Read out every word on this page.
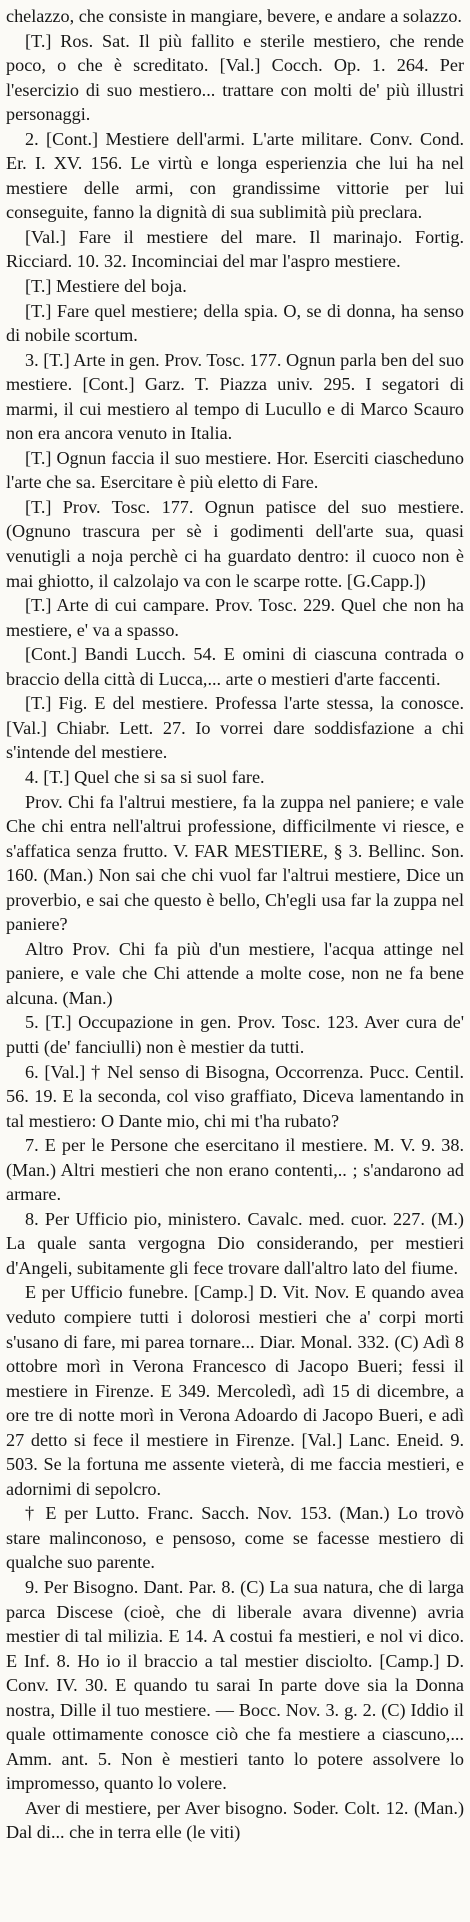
chelazzo, che consiste in mangiare, bevere, e andare a solazzo.

[T.] Ros. Sat. Il più fallito e sterile mestiero, che rende poco, o che è screditato. [Val.] Cocch. Op. 1. 264. Per l'esercizio di suo mestiero... trattare con molti de' più illustri personaggi.

2. [Cont.] Mestiere dell'armi. L'arte militare. Conv. Cond. Er. I. XV. 156. Le virtù e longa esperienzia che lui ha nel mestiere delle armi, con grandissime vittorie per lui conseguite, fanno la dignità di sua sublimità più preclara.

[Val.] Fare il mestiere del mare. Il marinajo. Fortig. Ricciard. 10. 32. Incominciai del mar l'aspro mestiere.

[T.] Mestiere del boja.

[T.] Fare quel mestiere; della spia. O, se di donna, ha senso di nobile scortum.

3. [T.] Arte in gen. Prov. Tosc. 177. Ognun parla ben del suo mestiere. [Cont.] Garz. T. Piazza univ. 295. I segatori di marmi, il cui mestiero al tempo di Lucullo e di Marco Scauro non era ancora venuto in Italia.

[T.] Ognun faccia il suo mestiere. Hor. Eserciti ciascheduno l'arte che sa. Esercitare è più eletto di Fare.

[T.] Prov. Tosc. 177. Ognun patisce del suo mestiere. (Ognuno trascura per sè i godimenti dell'arte sua, quasi venutigli a noja perchè ci ha guardato dentro: il cuoco non è mai ghiotto, il calzolajo va con le scarpe rotte. [G.Capp.])

[T.] Arte di cui campare. Prov. Tosc. 229. Quel che non ha mestiere, e' va a spasso.

[Cont.] Bandi Lucch. 54. E omini di ciascuna contrada o braccio della città di Lucca,... arte o mestieri d'arte faccenti.

[T.] Fig. E del mestiere. Professa l'arte stessa, la conosce. [Val.] Chiabr. Lett. 27. Io vorrei dare soddisfazione a chi s'intende del mestiere.

4. [T.] Quel che si sa si suol fare.

Prov. Chi fa l'altrui mestiere, fa la zuppa nel paniere; e vale Che chi entra nell'altrui professione, difficilmente vi riesce, e s'affatica senza frutto. V. FAR MESTIERE, § 3. Bellinc. Son. 160. (Man.) Non sai che chi vuol far l'altrui mestiere, Dice un proverbio, e sai che questo è bello, Ch'egli usa far la zuppa nel paniere?

Altro Prov. Chi fa più d'un mestiere, l'acqua attinge nel paniere, e vale che Chi attende a molte cose, non ne fa bene alcuna. (Man.)

5. [T.] Occupazione in gen. Prov. Tosc. 123. Aver cura de' putti (de' fanciulli) non è mestier da tutti.

6. [Val.] † Nel senso di Bisogna, Occorrenza. Pucc. Centil. 56. 19. E la seconda, col viso graffiato, Diceva lamentando in tal mestiero: O Dante mio, chi mi t'ha rubato?

7. E per le Persone che esercitano il mestiere. M. V. 9. 38. (Man.) Altri mestieri che non erano contenti,.. ; s'andarono ad armare.

8. Per Ufficio pio, ministero. Cavalc. med. cuor. 227. (M.) La quale santa vergogna Dio considerando, per mestieri d'Angeli, subitamente gli fece trovare dall'altro lato del fiume.

E per Ufficio funebre. [Camp.] D. Vit. Nov. E quando avea veduto compiere tutti i dolorosi mestieri che a' corpi morti s'usano di fare, mi parea tornare... Diar. Monal. 332. (C) Adì 8 ottobre morì in Verona Francesco di Jacopo Bueri; fessi il mestiere in Firenze. E 349. Mercoledì, adì 15 di dicembre, a ore tre di notte morì in Verona Adoardo di Jacopo Bueri, e adì 27 detto si fece il mestiere in Firenze. [Val.] Lanc. Eneid. 9. 503. Se la fortuna me assente vieterà, di me faccia mestieri, e adornimi di sepolcro.

† E per Lutto. Franc. Sacch. Nov. 153. (Man.) Lo trovò stare malinconoso, e pensoso, come se facesse mestiero di qualche suo parente.

9. Per Bisogno. Dant. Par. 8. (C) La sua natura, che di larga parca Discese (cioè, che di liberale avara divenne) avria mestier di tal milizia. E 14. A costui fa mestieri, e nol vi dico. E Inf. 8. Ho io il braccio a tal mestier disciolto. [Camp.] D. Conv. IV. 30. E quando tu sarai In parte dove sia la Donna nostra, Dille il tuo mestiere. — Bocc. Nov. 3. g. 2. (C) Iddio il quale ottimamente conosce ciò che fa mestiere a ciascuno,... Amm. ant. 5. Non è mestieri tanto lo potere assolvere lo impromesso, quanto lo volere.

Aver di mestiere, per Aver bisogno. Soder. Colt. 12. (Man.) Dal di... che in terra elle (le viti)
